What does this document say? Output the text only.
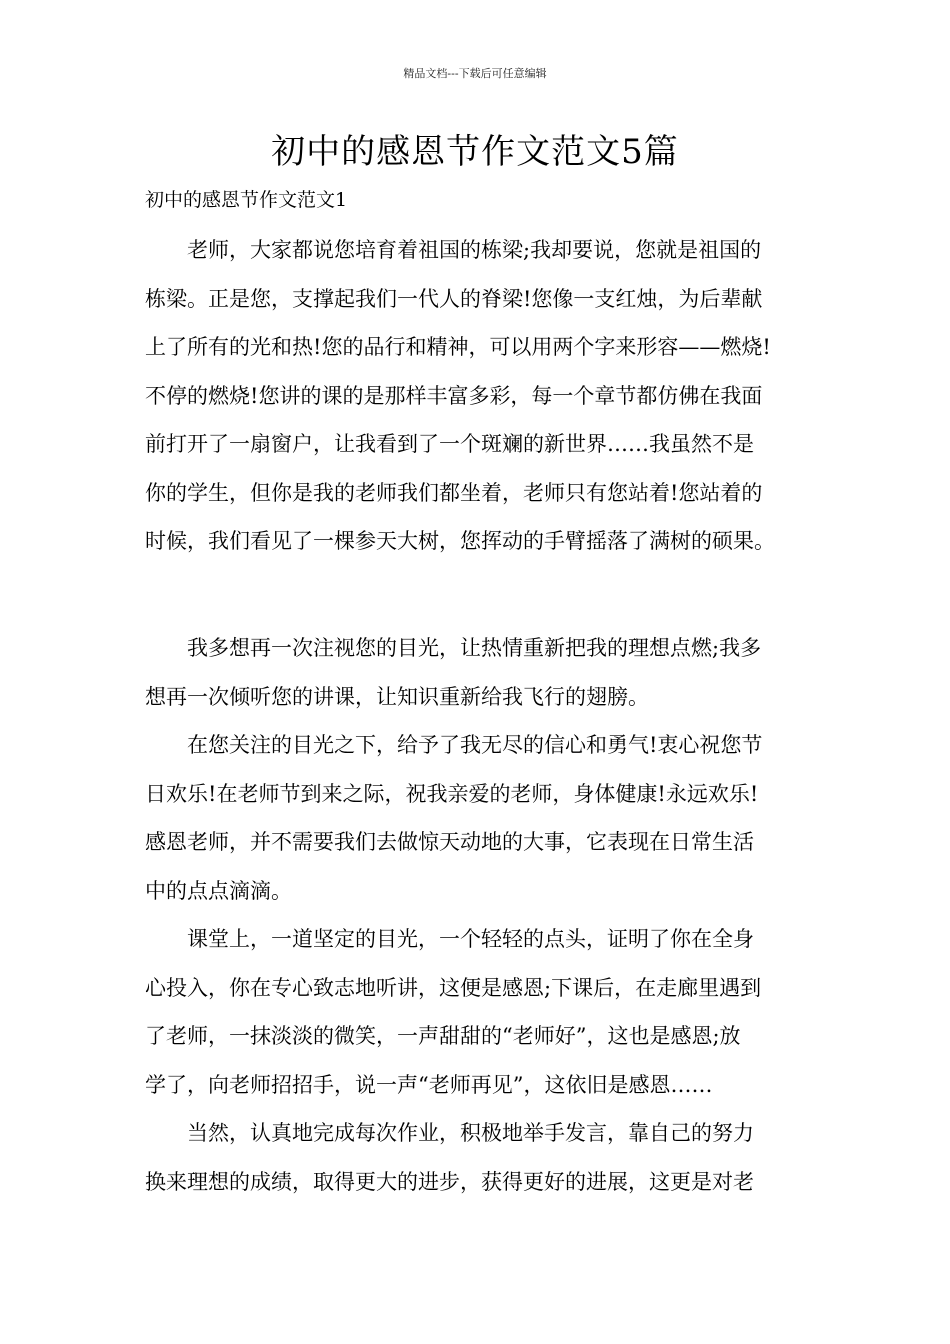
精品文档---下载后可任意编辑
初中的感恩节作文范文5篇
初中的感恩节作文范文1

老师，大家都说您培育着祖国的栋梁;我却要说，您就是祖国的
栋梁。正是您，支撑起我们一代人的脊梁!您像一支红烛，为后辈献
上了所有的光和热!您的品行和精神，可以用两个字来形容——燃烧!
不停的燃烧!您讲的课的是那样丰富多彩，每一个章节都仿佛在我面
前打开了一扇窗户，让我看到了一个斑斓的新世界……我虽然不是
你的学生，但你是我的老师我们都坐着，老师只有您站着!您站着的
时候，我们看见了一棵参天大树，您挥动的手臂摇落了满树的硕果。

我多想再一次注视您的目光，让热情重新把我的理想点燃;我多
想再一次倾听您的讲课，让知识重新给我飞行的翅膀。

在您关注的目光之下，给予了我无尽的信心和勇气!衷心祝您节
日欢乐!在老师节到来之际，祝我亲爱的老师，身体健康!永远欢乐!
感恩老师，并不需要我们去做惊天动地的大事，它表现在日常生活
中的点点滴滴。

课堂上，一道坚定的目光，一个轻轻的点头，证明了你在全身
心投入，你在专心致志地听讲，这便是感恩;下课后，在走廊里遇到
了老师，一抹淡淡的微笑，一声甜甜的“老师好”，这也是感恩;放
学了，向老师招招手，说一声“老师再见”，这依旧是感恩……

当然，认真地完成每次作业，积极地举手发言，靠自己的努力
换来理想的成绩，取得更大的进步，获得更好的进展，这更是对老
